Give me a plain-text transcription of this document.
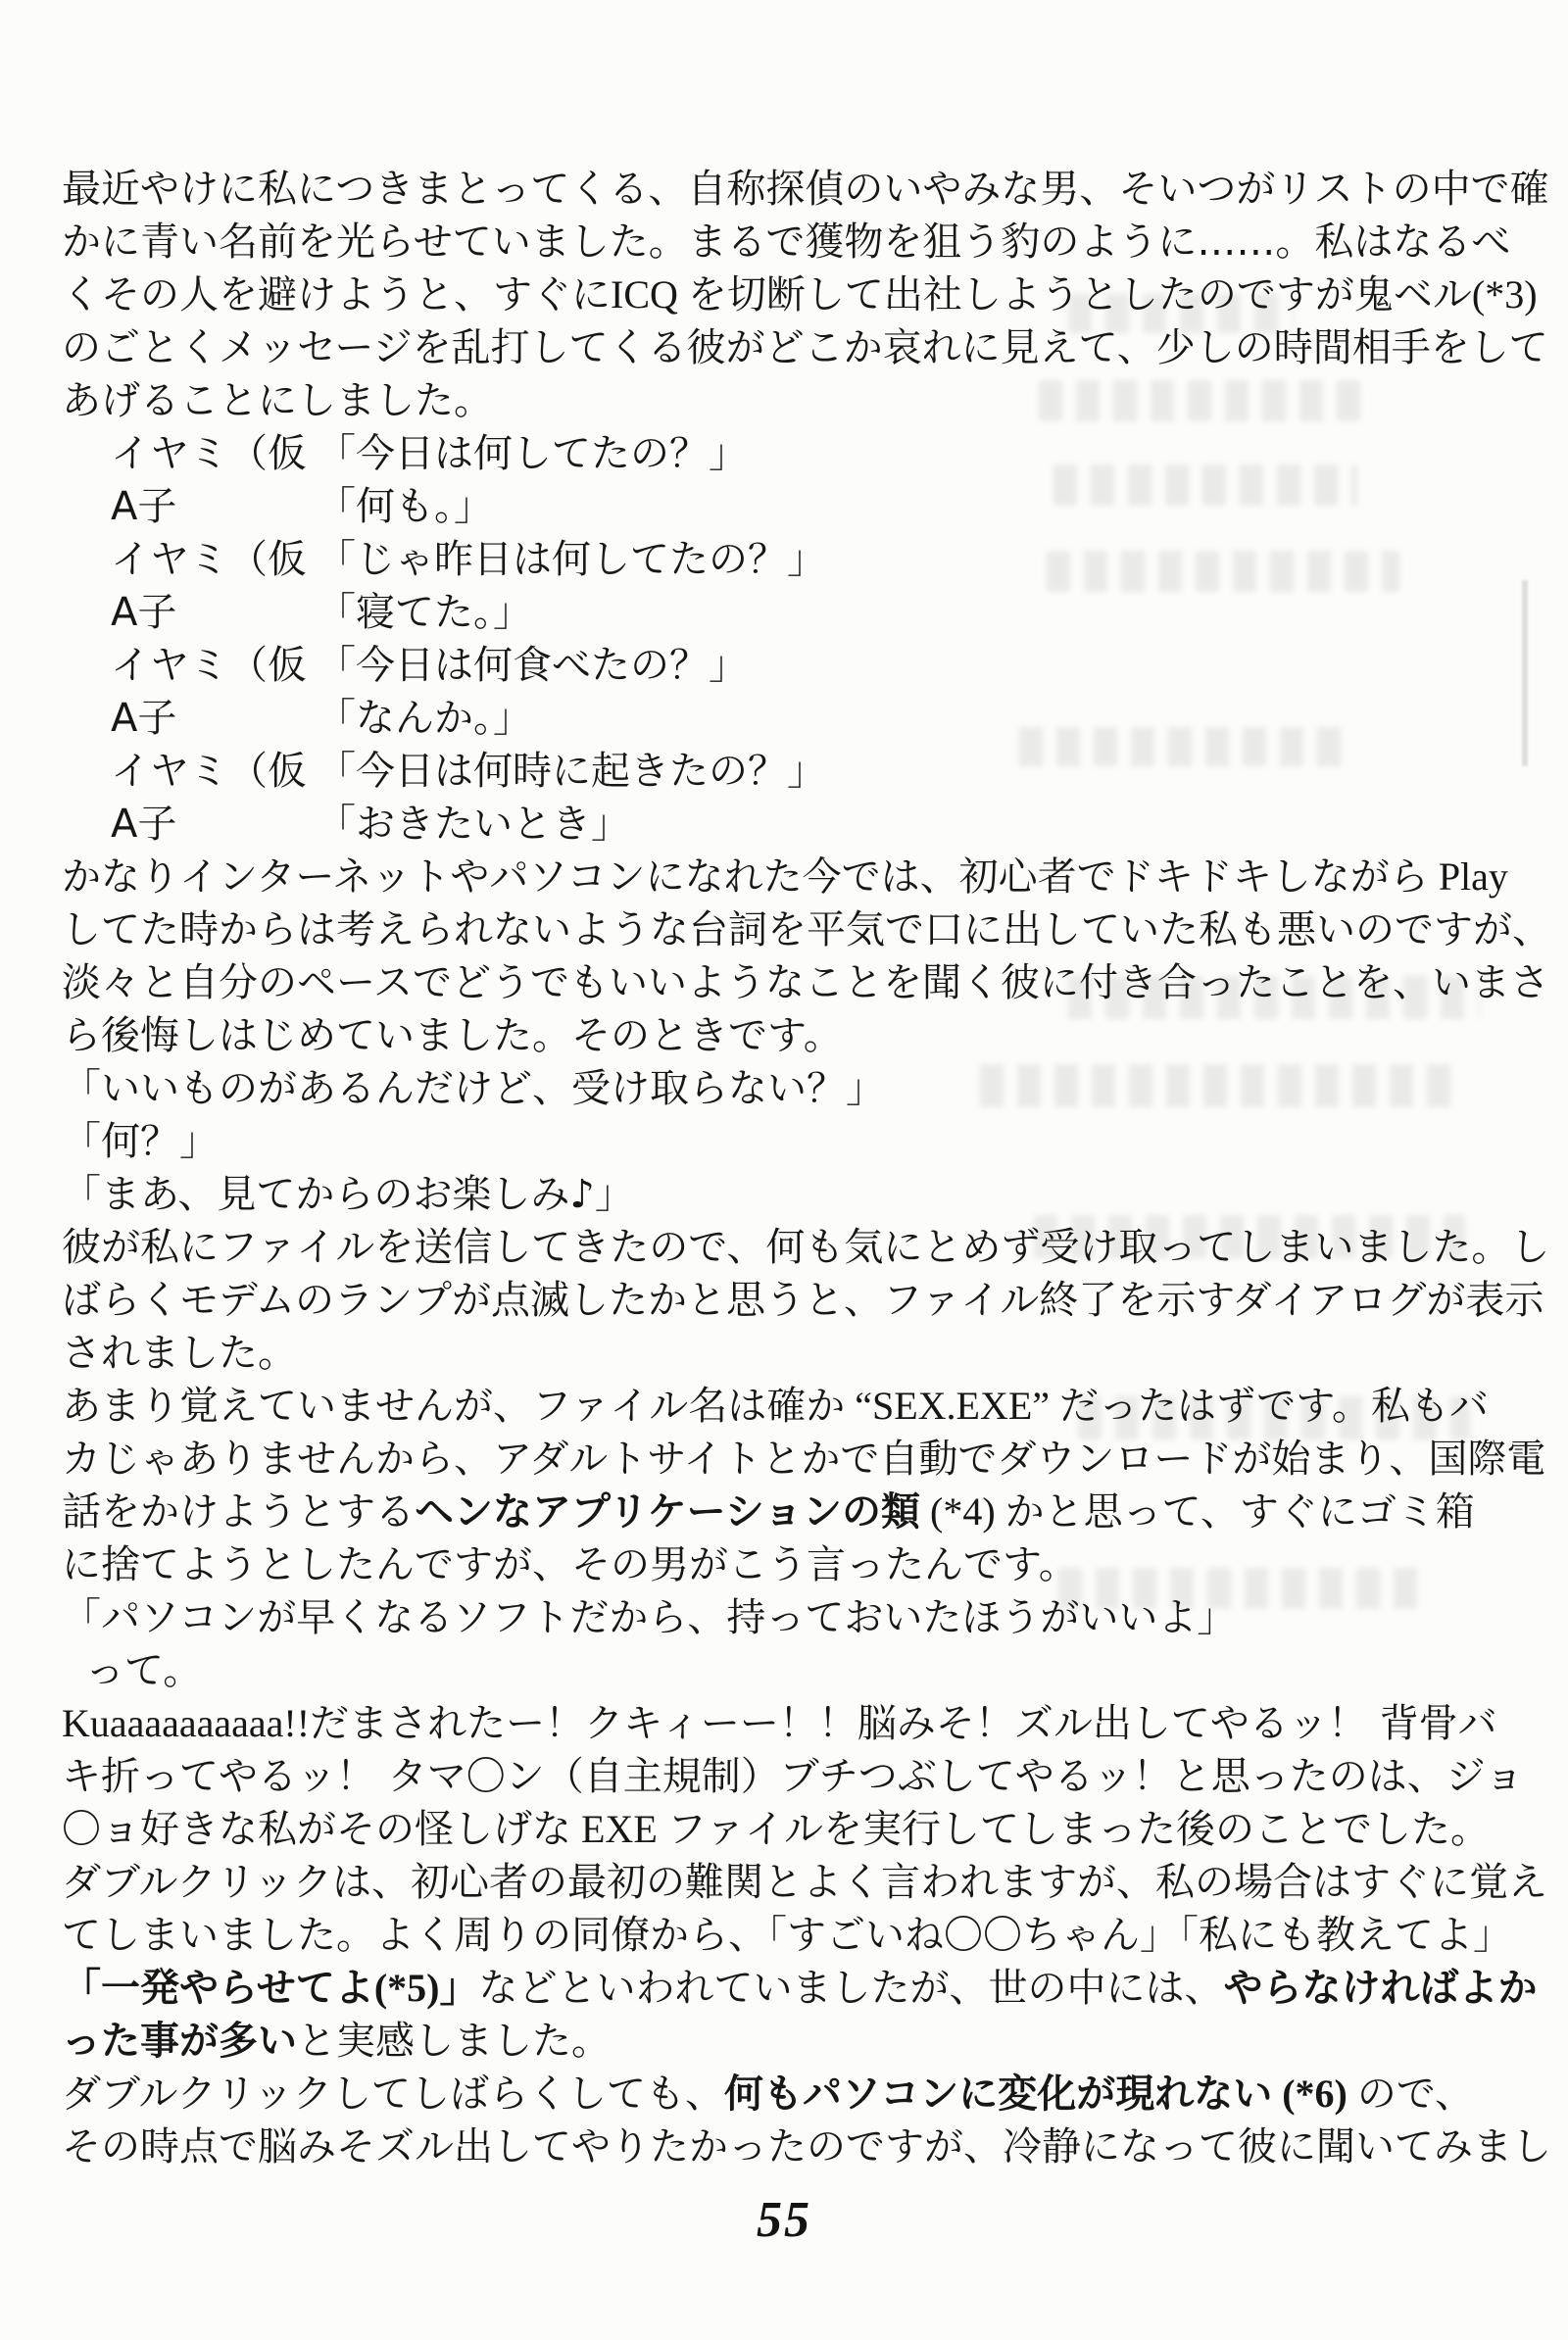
最近やけに私につきまとってくる、自称探偵のいやみな男、そいつがリストの中で確
かに青い名前を光らせていました。まるで獲物を狙う豹のように……。私はなるべ
くその人を避けようと、すぐにICQ を切断して出社しようとしたのですが鬼ベル(*3)
のごとくメッセージを乱打してくる彼がどこか哀れに見えて、少しの時間相手をして
あげることにしました。
イヤミ（仮 「今日は何してたの？」
A子	「何も。」
イヤミ（仮 「じゃ昨日は何してたの？」
A子	「寝てた。」
イヤミ（仮 「今日は何食べたの？」
A子	「なんか。」
イヤミ（仮 「今日は何時に起きたの？」
A子	「おきたいとき」
かなりインターネットやパソコンになれた今では、初心者でドキドキしながら Play
してた時からは考えられないような台詞を平気で口に出していた私も悪いのですが、
淡々と自分のペースでどうでもいいようなことを聞く彼に付き合ったことを、いまさ
ら後悔しはじめていました。そのときです。
「いいものがあるんだけど、受け取らない？」
「何？」
「まあ、見てからのお楽しみ♪」
彼が私にファイルを送信してきたので、何も気にとめず受け取ってしまいました。し
ばらくモデムのランプが点滅したかと思うと、ファイル終了を示すダイアログが表示
されました。
あまり覚えていませんが、ファイル名は確か “SEX.EXE” だったはずです。私もバ
カじゃありませんから、アダルトサイトとかで自動でダウンロードが始まり、国際電
話をかけようとするヘンなアプリケーションの類 (*4) かと思って、すぐにゴミ箱
に捨てようとしたんですが、その男がこう言ったんです。
「パソコンが早くなるソフトだから、持っておいたほうがいいよ」
って。
Kuaaaaaaaaaa!!だまされたー！クキィーー！！脳みそ！ズル出してやるッ！ 背骨バ
キ折ってやるッ！ タマ〇ン（自主規制）ブチつぶしてやるッ！と思ったのは、ジョ
〇ョ好きな私がその怪しげな EXE ファイルを実行してしまった後のことでした。
ダブルクリックは、初心者の最初の難関とよく言われますが、私の場合はすぐに覚え
てしまいました。よく周りの同僚から、「すごいね〇〇ちゃん」「私にも教えてよ」
「一発やらせてよ(*5)」などといわれていましたが、世の中には、やらなければよか
った事が多いと実感しました。
ダブルクリックしてしばらくしても、何もパソコンに変化が現れない (*6) ので、
その時点で脳みそズル出してやりたかったのですが、冷静になって彼に聞いてみまし
55
